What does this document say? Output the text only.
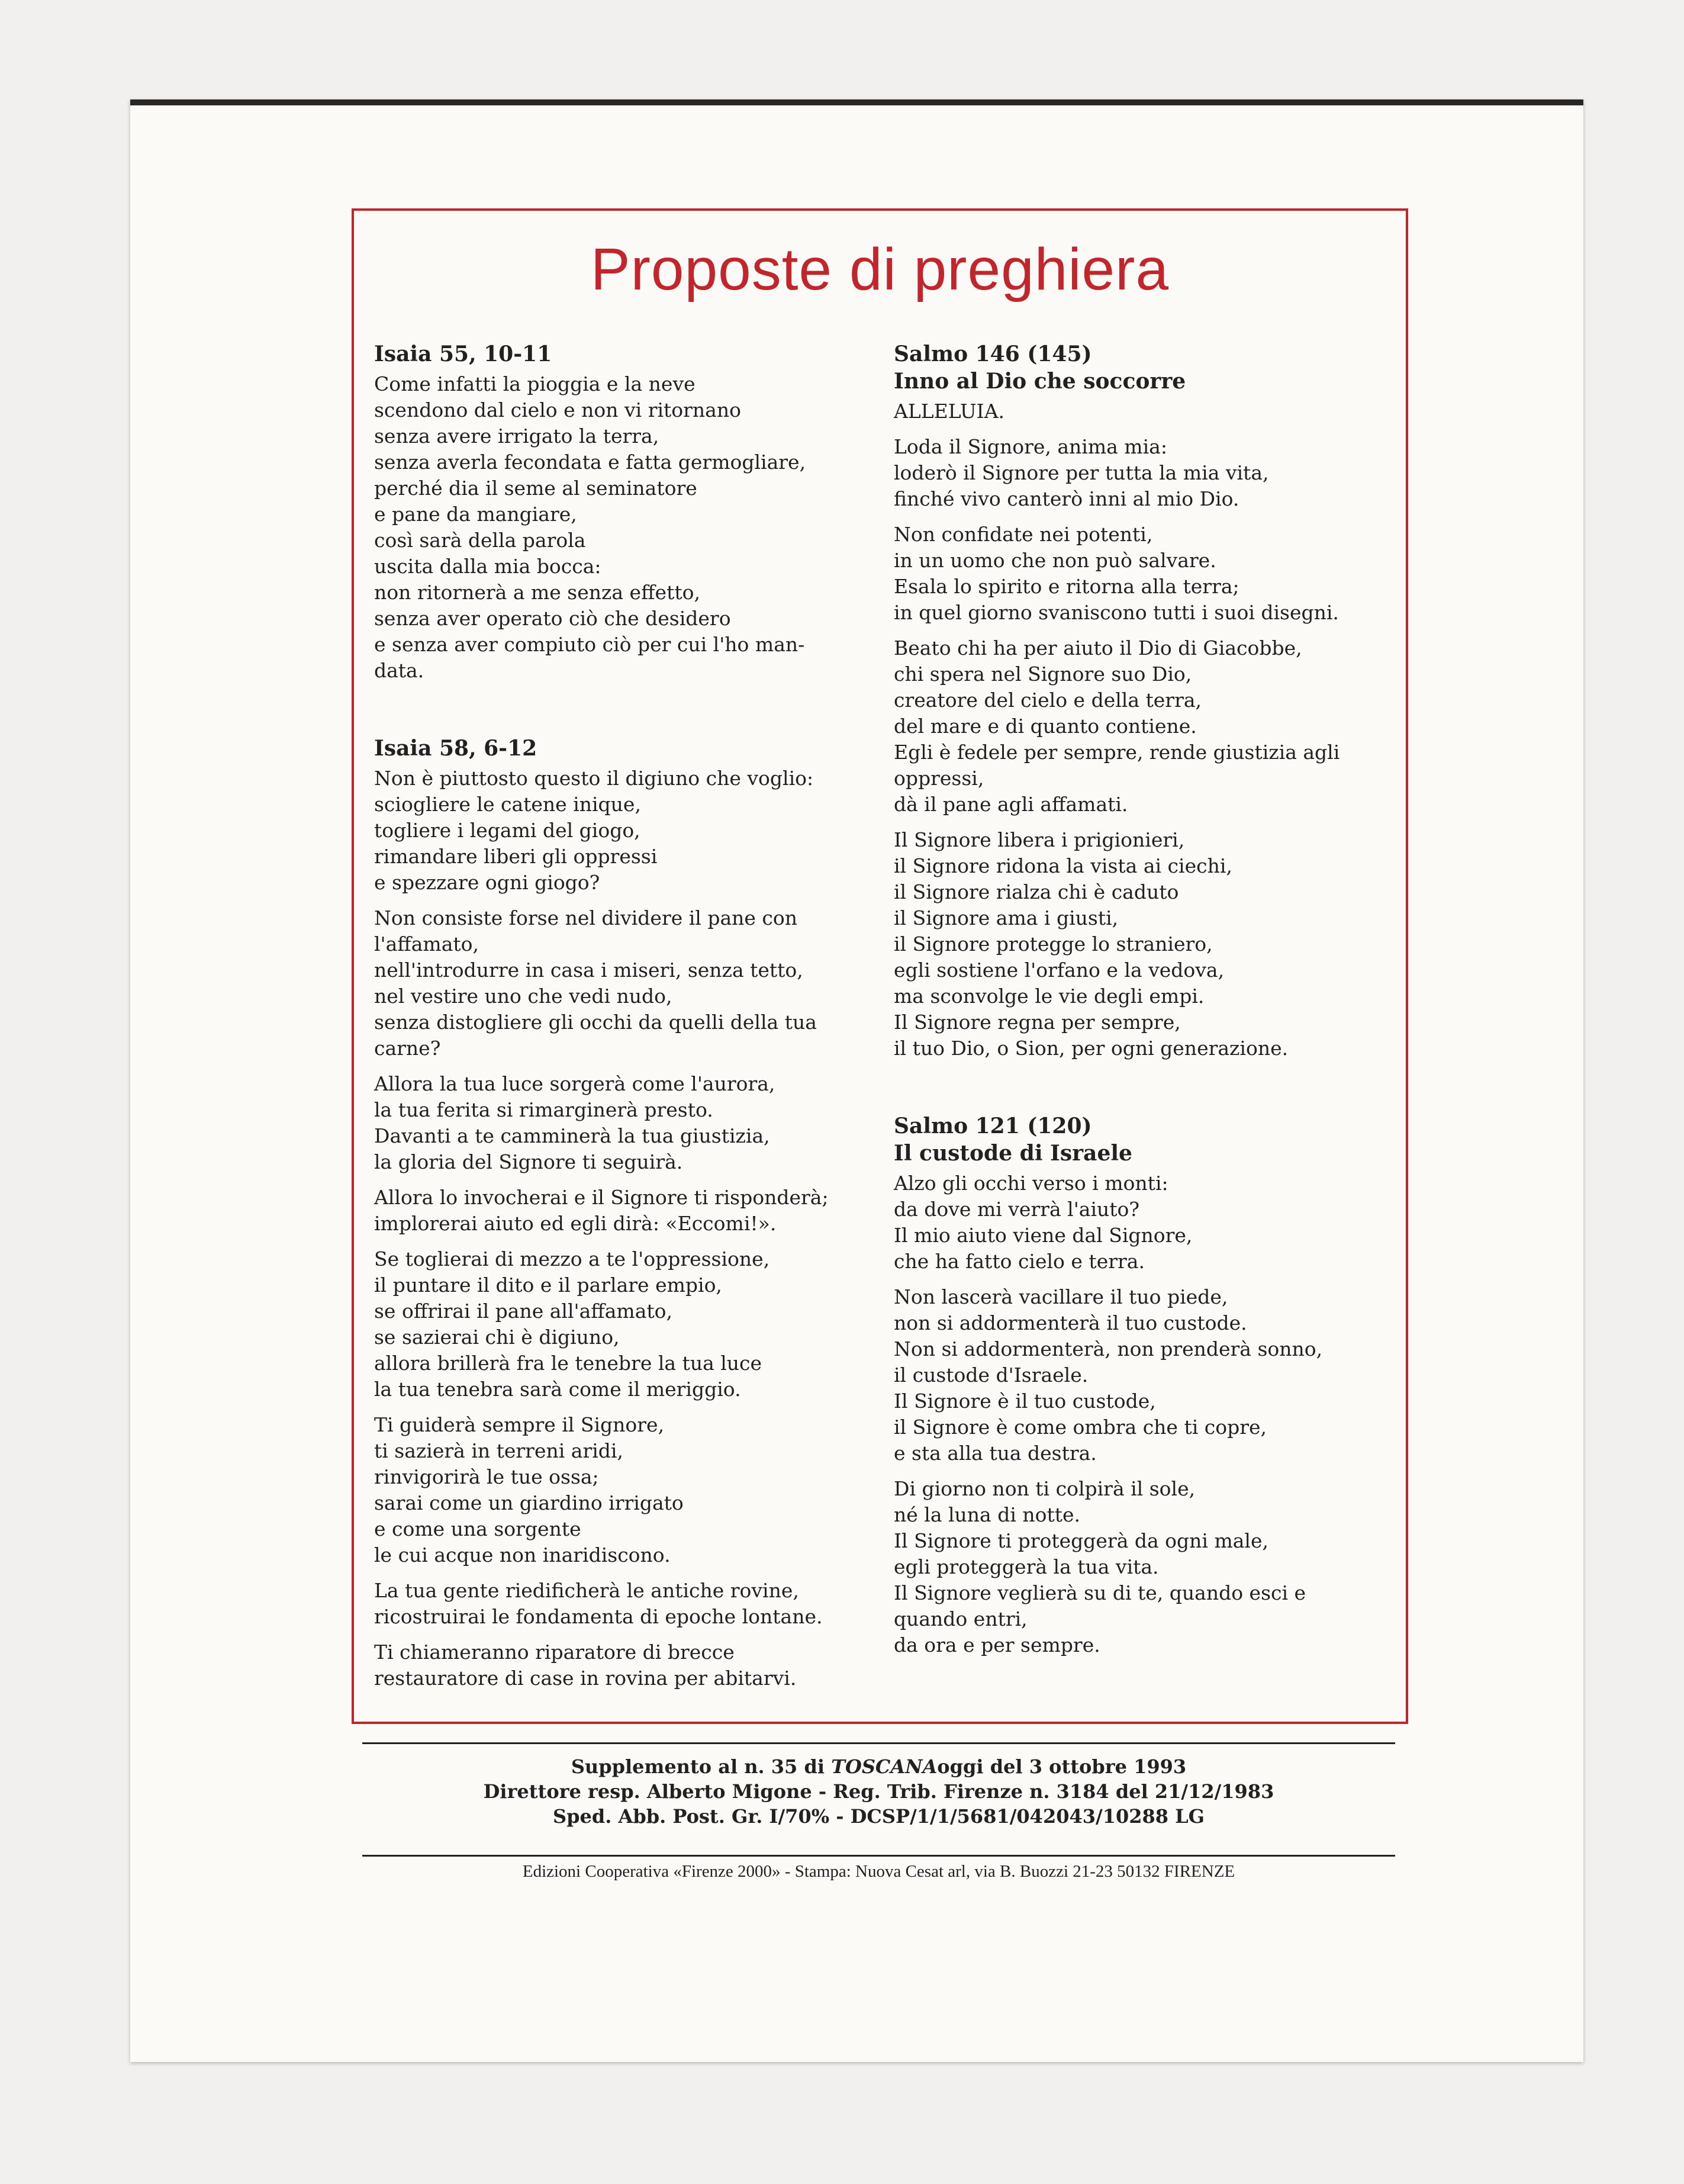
Proposte di preghiera
Isaia 55, 10-11
Come infatti la pioggia e la neve
scendono dal cielo e non vi ritornano
senza avere irrigato la terra,
senza averla fecondata e fatta germogliare,
perché dia il seme al seminatore
e pane da mangiare,
così sarà della parola
uscita dalla mia bocca:
non ritornerà a me senza effetto,
senza aver operato ciò che desidero
e senza aver compiuto ciò per cui l'ho man-
data.
Isaia 58, 6-12
Non è piuttosto questo il digiuno che voglio:
sciogliere le catene inique,
togliere i legami del giogo,
rimandare liberi gli oppressi
e spezzare ogni giogo?
Non consiste forse nel dividere il pane con
l'affamato,
nell'introdurre in casa i miseri, senza tetto,
nel vestire uno che vedi nudo,
senza distogliere gli occhi da quelli della tua
carne?
Allora la tua luce sorgerà come l'aurora,
la tua ferita si rimarginerà presto.
Davanti a te camminerà la tua giustizia,
la gloria del Signore ti seguirà.
Allora lo invocherai e il Signore ti risponderà;
implorerai aiuto ed egli dirà: «Eccomi!».
Se toglierai di mezzo a te l'oppressione,
il puntare il dito e il parlare empio,
se offrirai il pane all'affamato,
se sazierai chi è digiuno,
allora brillerà fra le tenebre la tua luce
la tua tenebra sarà come il meriggio.
Ti guiderà sempre il Signore,
ti sazierà in terreni aridi,
rinvigorirà le tue ossa;
sarai come un giardino irrigato
e come una sorgente
le cui acque non inaridiscono.
La tua gente riedificherà le antiche rovine,
ricostruirai le fondamenta di epoche lontane.
Ti chiameranno riparatore di brecce
restauratore di case in rovina per abitarvi.
Salmo 146 (145)
Inno al Dio che soccorre
ALLELUIA.
Loda il Signore, anima mia:
loderò il Signore per tutta la mia vita,
finché vivo canterò inni al mio Dio.
Non confidate nei potenti,
in un uomo che non può salvare.
Esala lo spirito e ritorna alla terra;
in quel giorno svaniscono tutti i suoi disegni.
Beato chi ha per aiuto il Dio di Giacobbe,
chi spera nel Signore suo Dio,
creatore del cielo e della terra,
del mare e di quanto contiene.
Egli è fedele per sempre, rende giustizia agli
oppressi,
dà il pane agli affamati.
Il Signore libera i prigionieri,
il Signore ridona la vista ai ciechi,
il Signore rialza chi è caduto
il Signore ama i giusti,
il Signore protegge lo straniero,
egli sostiene l'orfano e la vedova,
ma sconvolge le vie degli empi.
Il Signore regna per sempre,
il tuo Dio, o Sion, per ogni generazione.
Salmo 121 (120)
Il custode di Israele
Alzo gli occhi verso i monti:
da dove mi verrà l'aiuto?
Il mio aiuto viene dal Signore,
che ha fatto cielo e terra.
Non lascerà vacillare il tuo piede,
non si addormenterà il tuo custode.
Non si addormenterà, non prenderà sonno,
il custode d'Israele.
Il Signore è il tuo custode,
il Signore è come ombra che ti copre,
e sta alla tua destra.
Di giorno non ti colpirà il sole,
né la luna di notte.
Il Signore ti proteggerà da ogni male,
egli proteggerà la tua vita.
Il Signore veglierà su di te, quando esci e
quando entri,
da ora e per sempre.
Supplemento al n. 35 di TOSCANAoggi del 3 ottobre 1993
Direttore resp. Alberto Migone - Reg. Trib. Firenze n. 3184 del 21/12/1983
Sped. Abb. Post. Gr. I/70% - DCSP/1/1/5681/042043/10288 LG
Edizioni Cooperativa «Firenze 2000» - Stampa: Nuova Cesat arl, via B. Buozzi 21-23 50132 FIRENZE
